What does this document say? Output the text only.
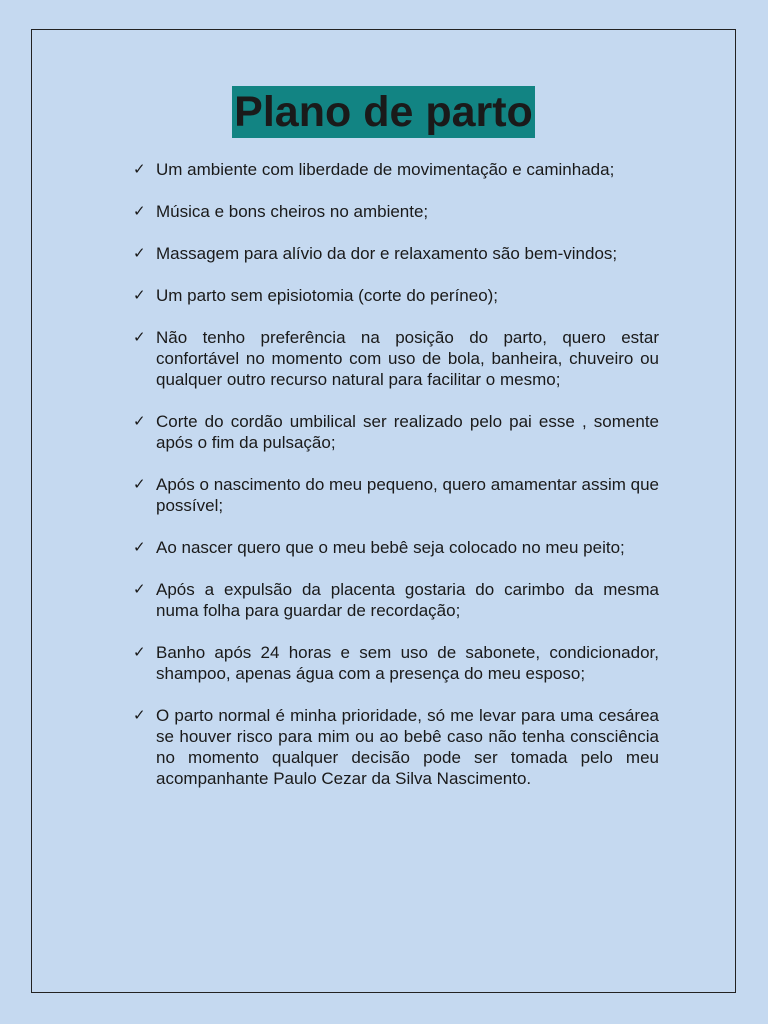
Plano de parto
✓ Um ambiente com liberdade de movimentação e caminhada;
✓ Música e bons cheiros no ambiente;
✓ Massagem para alívio da dor e relaxamento são bem-vindos;
✓ Um parto sem episiotomia (corte do períneo);
✓ Não tenho preferência na posição do parto, quero estar confortável no momento com uso de bola, banheira, chuveiro ou qualquer outro recurso natural para facilitar o mesmo;
✓ Corte do cordão umbilical ser realizado pelo pai esse , somente após o fim da pulsação;
✓ Após o nascimento do meu pequeno, quero amamentar assim que possível;
✓ Ao nascer quero que o meu bebê seja colocado no meu peito;
✓ Após a expulsão da placenta gostaria do carimbo da mesma numa folha para guardar de recordação;
✓ Banho após 24 horas e sem uso de sabonete, condicionador, shampoo, apenas água com a presença do meu esposo;
✓ O parto normal é minha prioridade, só me levar para uma cesárea se houver risco para mim ou ao bebê caso não tenha consciência no momento qualquer decisão pode ser tomada pelo meu acompanhante Paulo Cezar da Silva Nascimento.
